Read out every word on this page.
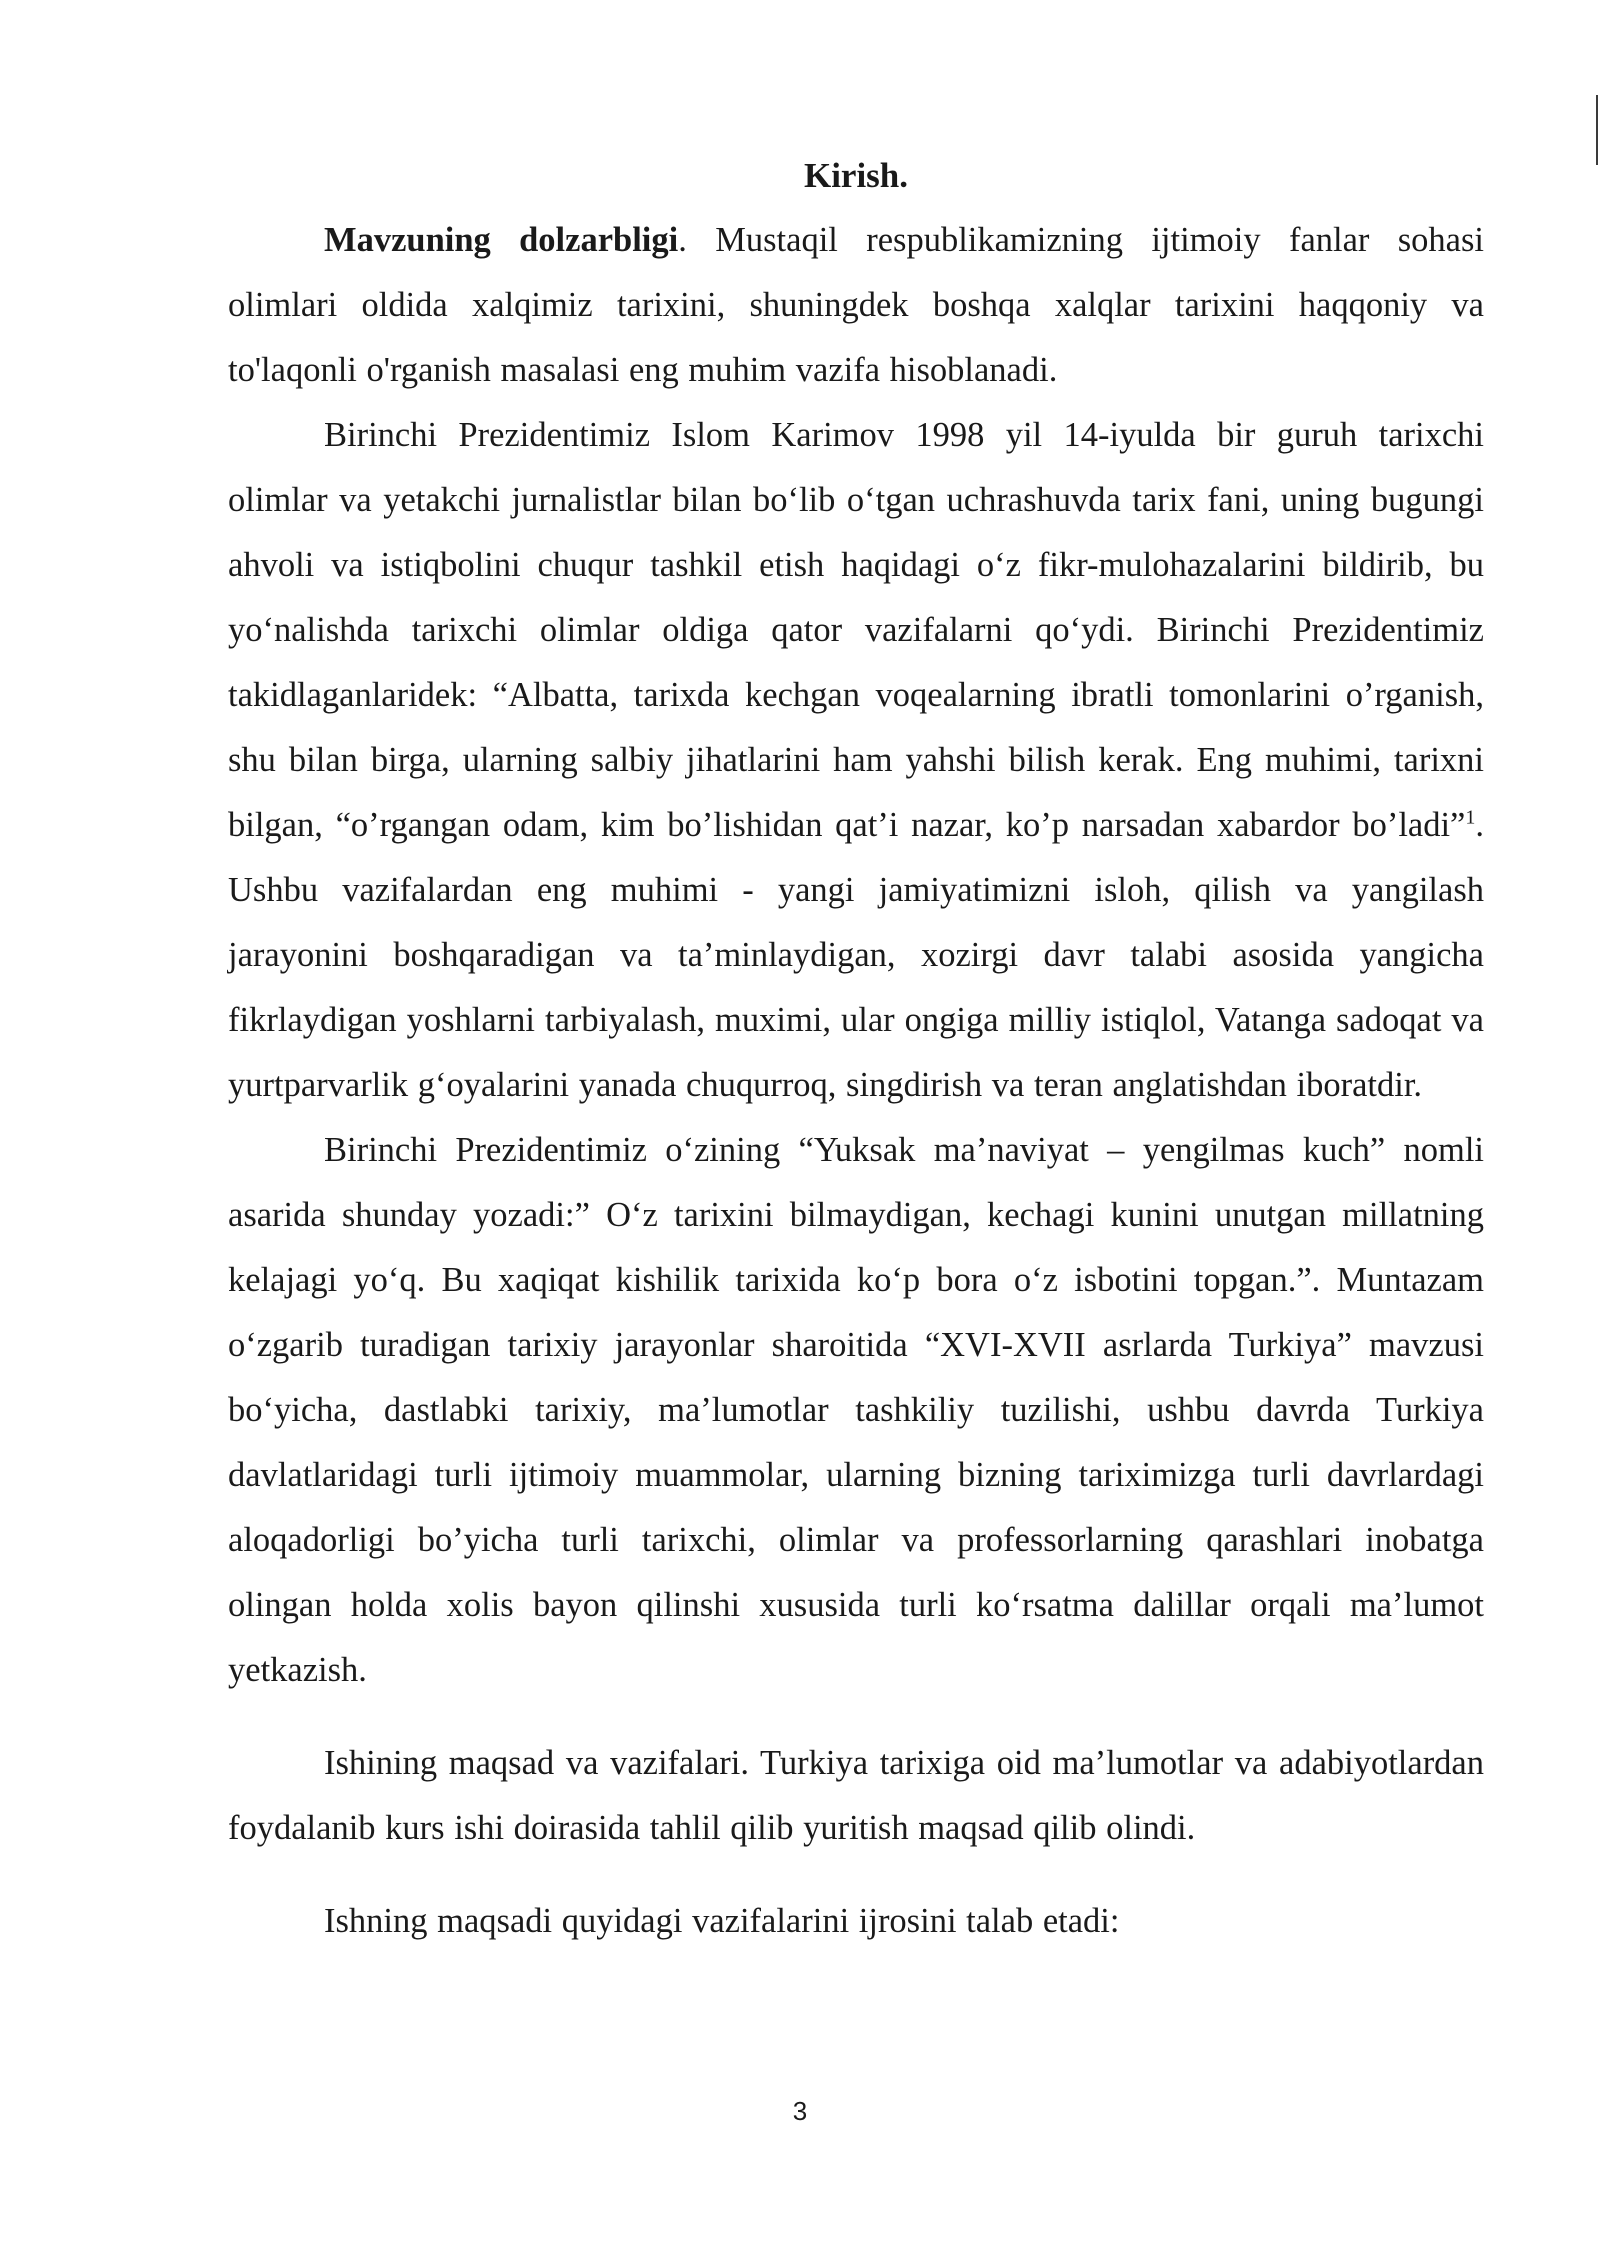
Kirish.

Mavzuning dolzarbligi. Mustaqil respublikamizning ijtimoiy fanlar sohasi olimlari oldida xalqimiz tarixini, shuningdek boshqa xalqlar tarixini haqqoniy va to'laqonli o'rganish masalasi eng muhim vazifa hisoblanadi.

Birinchi Prezidentimiz Islom Karimov 1998 yil 14-iyulda bir guruh tarixchi olimlar va yetakchi jurnalistlar bilan bo‘lib o‘tgan uchrashuvda tarix fani, uning bugungi ahvoli va istiqbolini chuqur tashkil etish haqidagi o‘z fikr-mulohazalarini bildirib, bu yo‘nalishda tarixchi olimlar oldiga qator vazifalarni qo‘ydi. Birinchi Prezidentimiz takidlaganlaridek: “Albatta, tarixda kechgan voqealarning ibratli tomonlarini o’rganish, shu bilan birga, ularning salbiy jihatlarini ham yahshi bilish kerak. Eng muhimi, tarixni bilgan, “o’rgangan odam, kim bo’lishidan qat’i nazar, ko’p narsadan xabardor bo’ladi”$^1$. Ushbu vazifalardan eng muhimi - yangi jamiyatimizni isloh, qilish va yangilash jarayonini boshqaradigan va ta’minlaydigan, xozirgi davr talabi asosida yangicha fikrlaydigan yoshlarni tarbiyalash, muximi, ular ongiga milliy istiqlol, Vatanga sadoqat va yurtparvarlik g‘oyalarini yanada chuqurroq, singdirish va teran anglatishdan iboratdir.

Birinchi Prezidentimiz o‘zining “Yuksak ma’naviyat – yengilmas kuch” nomli asarida shunday yozadi:” O‘z tarixini bilmaydigan, kechagi kunini unutgan millatning kelajagi yo‘q. Bu xaqiqat kishilik tarixida ko‘p bora o‘z isbotini topgan.”. Muntazam o‘zgarib turadigan tarixiy jarayonlar sharoitida “XVI-XVII asrlarda Turkiya” mavzusi bo‘yicha, dastlabki tarixiy, ma’lumotlar tashkiliy tuzilishi, ushbu davrda Turkiya davlatlaridagi turli ijtimoiy muammolar, ularning bizning tariximizga turli davrlardagi aloqadorligi bo’yicha turli tarixchi, olimlar va professorlarning qarashlari inobatga olingan holda xolis bayon qilinshi xususida turli ko‘rsatma dalillar orqali ma’lumot yetkazish.

Ishining maqsad va vazifalari. Turkiya tarixiga oid ma’lumotlar va adabiyotlardan foydalanib kurs ishi doirasida tahlil qilib yuritish maqsad qilib olindi.

Ishning maqsadi quyidagi vazifalarini ijrosini talab etadi:

3
